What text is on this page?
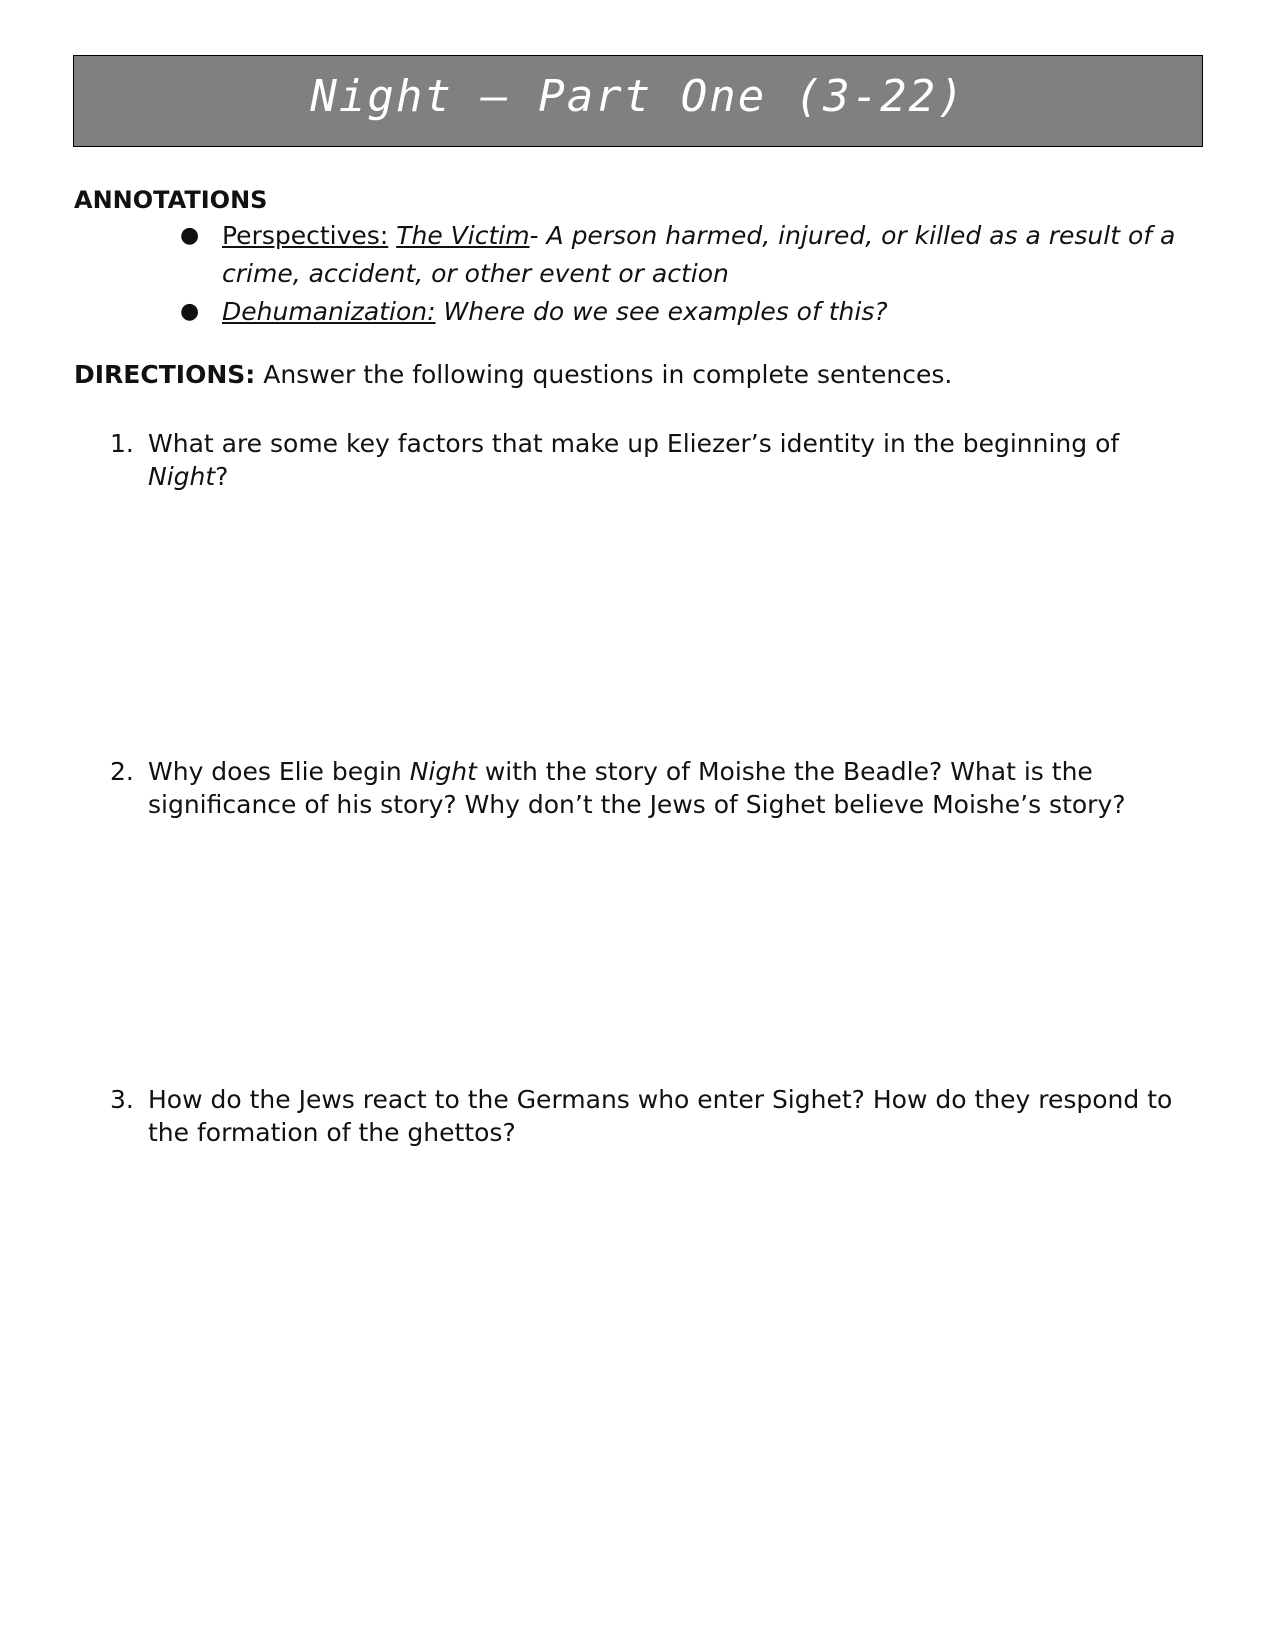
Night – Part One (3-22)
ANNOTATIONS
● Perspectives: The Victim- A person harmed, injured, or killed as a result of a crime, accident, or other event or action
● Dehumanization: Where do we see examples of this?
DIRECTIONS: Answer the following questions in complete sentences.
1. What are some key factors that make up Eliezer’s identity in the beginning of Night?
2. Why does Elie begin Night with the story of Moishe the Beadle? What is the significance of his story? Why don’t the Jews of Sighet believe Moishe’s story?
3. How do the Jews react to the Germans who enter Sighet? How do they respond to the formation of the ghettos?
